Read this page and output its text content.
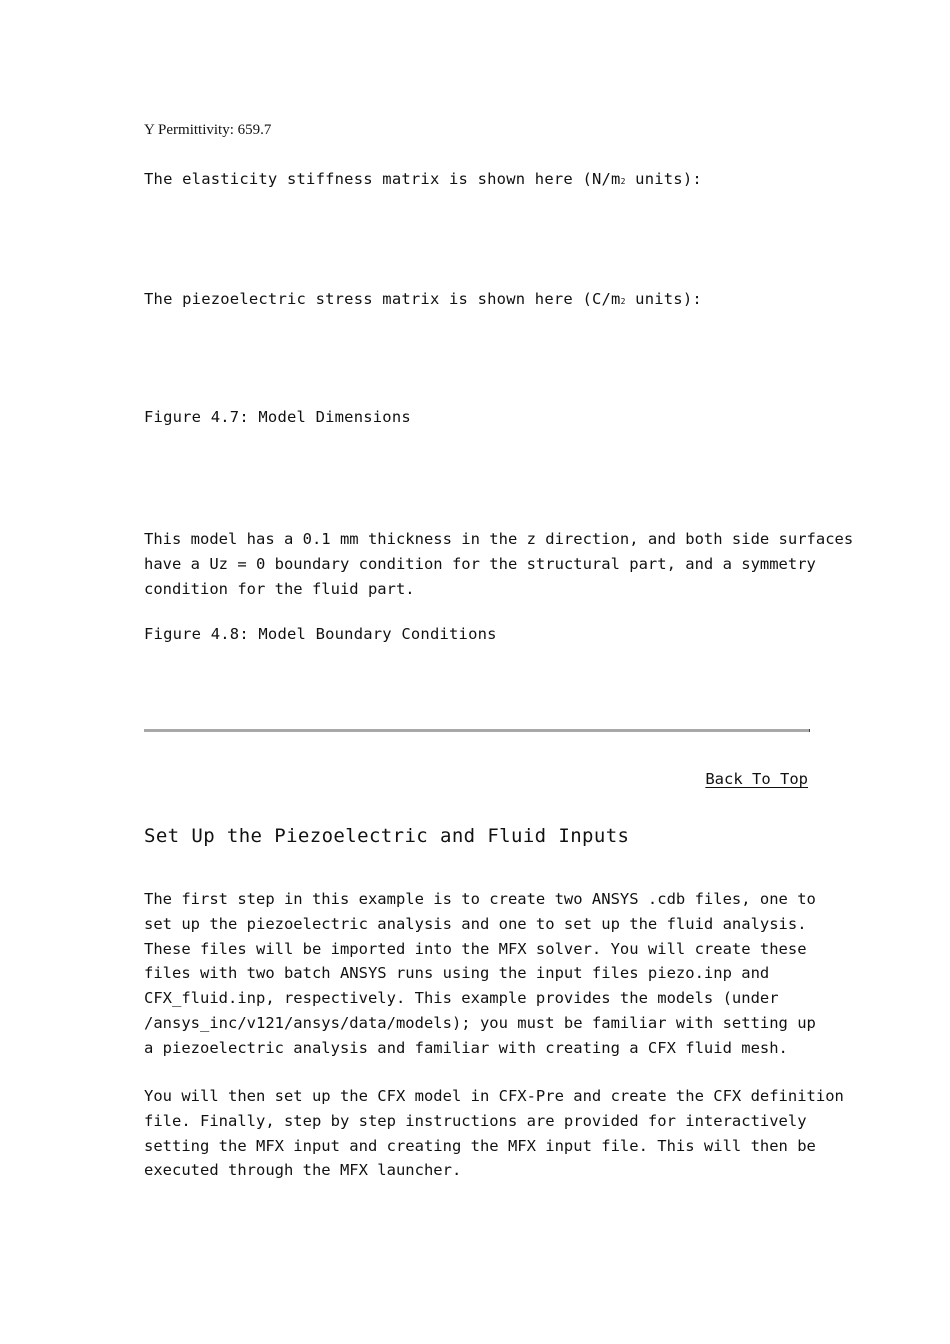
Y Permittivity: 659.7
The elasticity stiffness matrix is shown here (N/m2 units):
The piezoelectric stress matrix is shown here (C/m2 units):
Figure 4.7: Model Dimensions
This model has a 0.1 mm thickness in the z direction, and both side surfaces
have a Uz = 0 boundary condition for the structural part, and a symmetry
condition for the fluid part.
Figure 4.8: Model Boundary Conditions
Back To Top
Set Up the Piezoelectric and Fluid Inputs
The first step in this example is to create two ANSYS .cdb files, one to
set up the piezoelectric analysis and one to set up the fluid analysis.
These files will be imported into the MFX solver. You will create these
files with two batch ANSYS runs using the input files piezo.inp and
CFX_fluid.inp, respectively. This example provides the models (under
/ansys_inc/v121/ansys/data/models); you must be familiar with setting up
a piezoelectric analysis and familiar with creating a CFX fluid mesh.
You will then set up the CFX model in CFX-Pre and create the CFX definition
file. Finally, step by step instructions are provided for interactively
setting the MFX input and creating the MFX input file. This will then be
executed through the MFX launcher.
